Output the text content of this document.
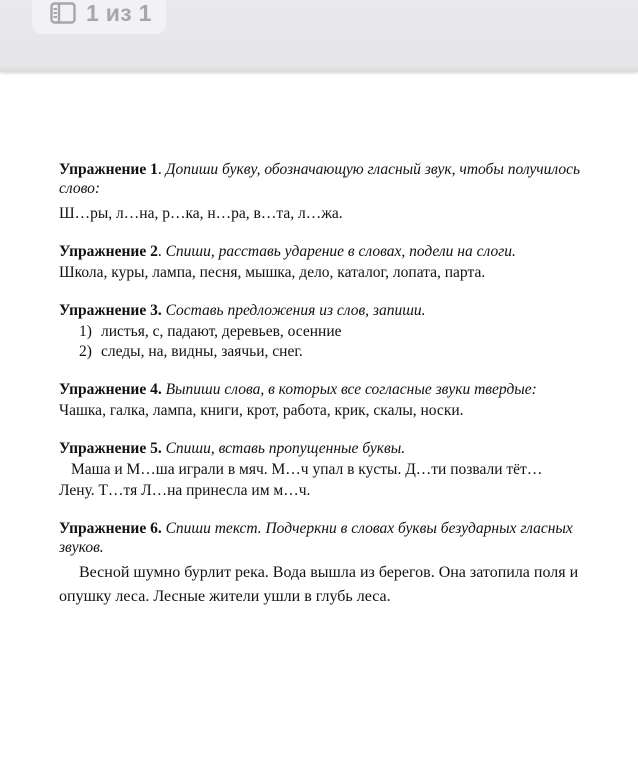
1 из 1

Упражнение 1. Допиши букву, обозначающую гласный звук, чтобы получилось слово:

Ш…ры, л…на, р…ка, н…ра, в…та, л…жа.

Упражнение 2. Спиши, расставь ударение в словах, подели на слоги.

Школа, куры, лампа, песня, мышка, дело, каталог, лопата, парта.

Упражнение 3. Составь предложения из слов, запиши.

1) листья, с, падают, деревьев, осенние
2) следы, на, видны, заячьи, снег.

Упражнение 4. Выпиши слова, в которых все согласные звуки твердые:

Чашка, галка, лампа, книги, крот, работа, крик, скалы, носки.

Упражнение 5. Спиши, вставь пропущенные буквы.

Маша и М…ша играли в мяч. М…ч упал в кусты. Д…ти позвали тёт…

Лену. Т…тя Л…на принесла им м…ч.

Упражнение 6. Спиши текст. Подчеркни в словах буквы безударных гласных звуков.

Весной шумно бурлит река. Вода вышла из берегов. Она затопила поля и опушку леса. Лесные жители ушли в глубь леса.
